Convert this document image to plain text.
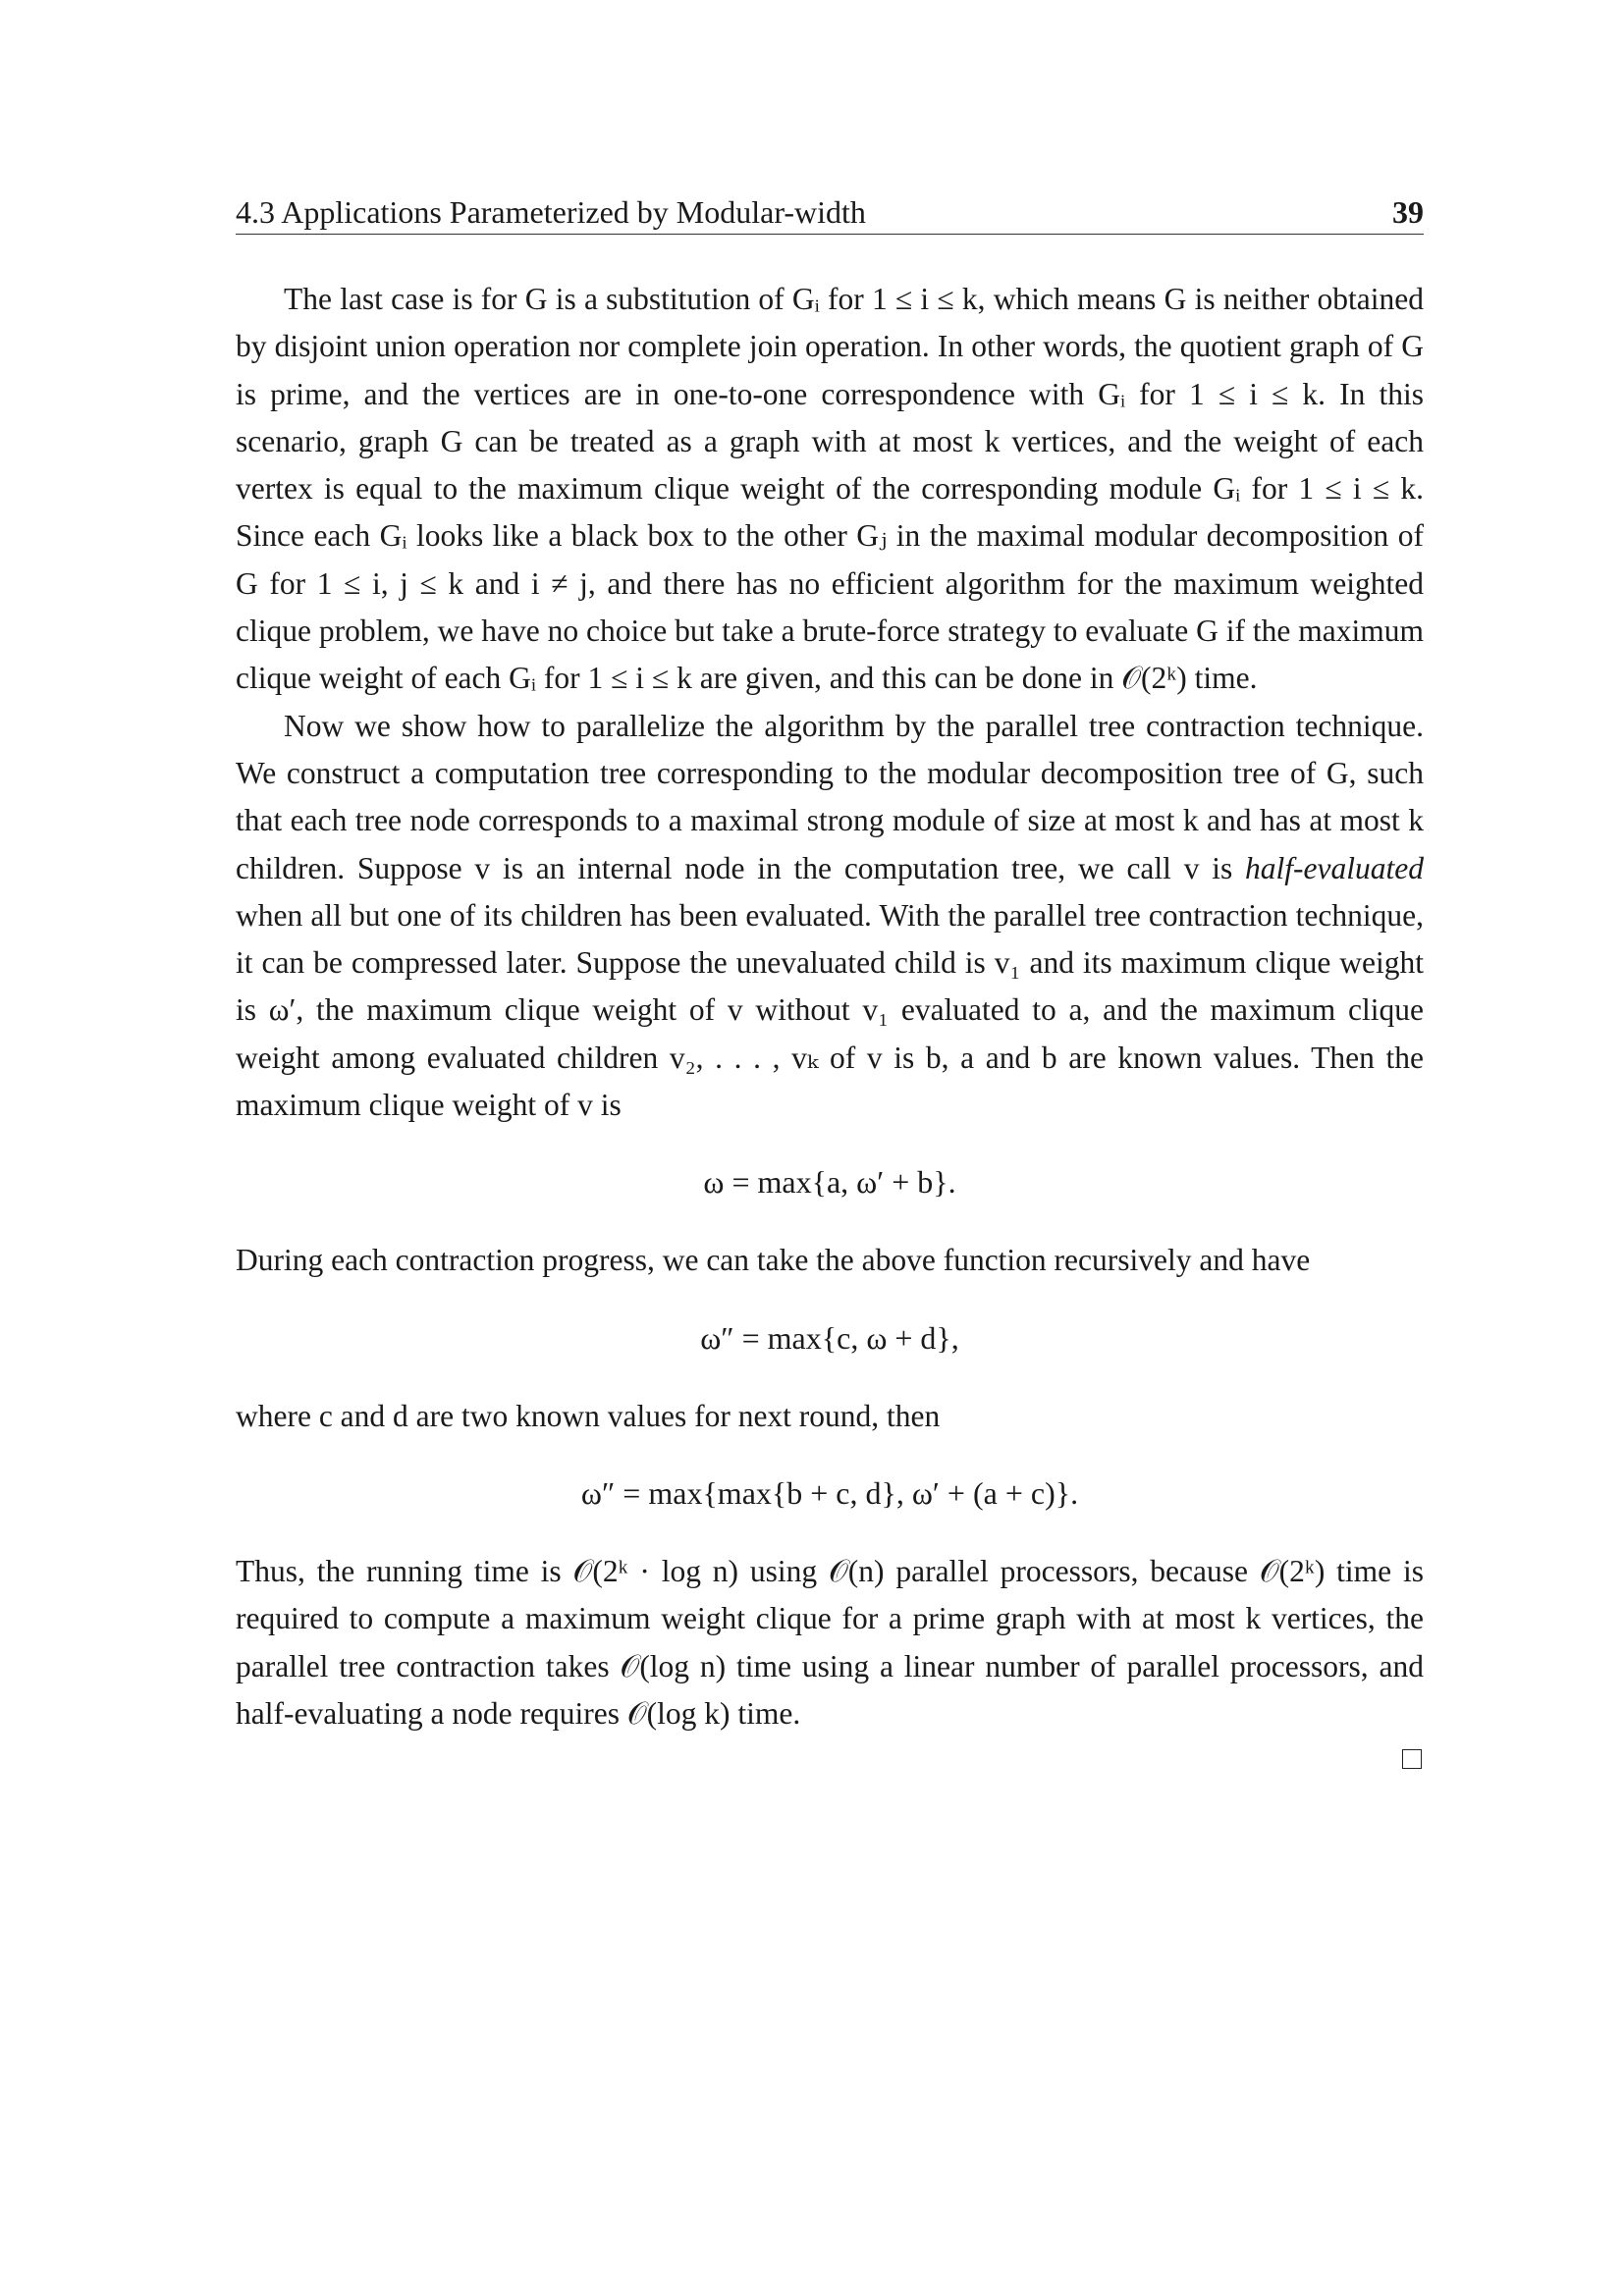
4.3 Applications Parameterized by Modular-width	39

The last case is for G is a substitution of Gᵢ for 1 ≤ i ≤ k, which means G is neither obtained by disjoint union operation nor complete join operation. In other words, the quotient graph of G is prime, and the vertices are in one-to-one correspondence with Gᵢ for 1 ≤ i ≤ k. In this scenario, graph G can be treated as a graph with at most k vertices, and the weight of each vertex is equal to the maximum clique weight of the corresponding module Gᵢ for 1 ≤ i ≤ k. Since each Gᵢ looks like a black box to the other Gⱼ in the maximal modular decomposition of G for 1 ≤ i, j ≤ k and i ≠ j, and there has no efficient algorithm for the maximum weighted clique problem, we have no choice but take a brute-force strategy to evaluate G if the maximum clique weight of each Gᵢ for 1 ≤ i ≤ k are given, and this can be done in 𝒪(2ᵏ) time.

Now we show how to parallelize the algorithm by the parallel tree contraction technique. We construct a computation tree corresponding to the modular decomposition tree of G, such that each tree node corresponds to a maximal strong module of size at most k and has at most k children. Suppose v is an internal node in the computation tree, we call v is half-evaluated when all but one of its children has been evaluated. With the parallel tree contraction technique, it can be compressed later. Suppose the unevaluated child is v₁ and its maximum clique weight is ω′, the maximum clique weight of v without v₁ evaluated to a, and the maximum clique weight among evaluated children v₂, . . . , vₖ of v is b, a and b are known values. Then the maximum clique weight of v is

ω = max{a, ω′ + b}.

During each contraction progress, we can take the above function recursively and have

ω″ = max{c, ω + d},

where c and d are two known values for next round, then

ω″ = max{max{b + c, d}, ω′ + (a + c)}.

Thus, the running time is 𝒪(2ᵏ · log n) using 𝒪(n) parallel processors, because 𝒪(2ᵏ) time is required to compute a maximum weight clique for a prime graph with at most k vertices, the parallel tree contraction takes 𝒪(log n) time using a linear number of parallel processors, and half-evaluating a node requires 𝒪(log k) time.
